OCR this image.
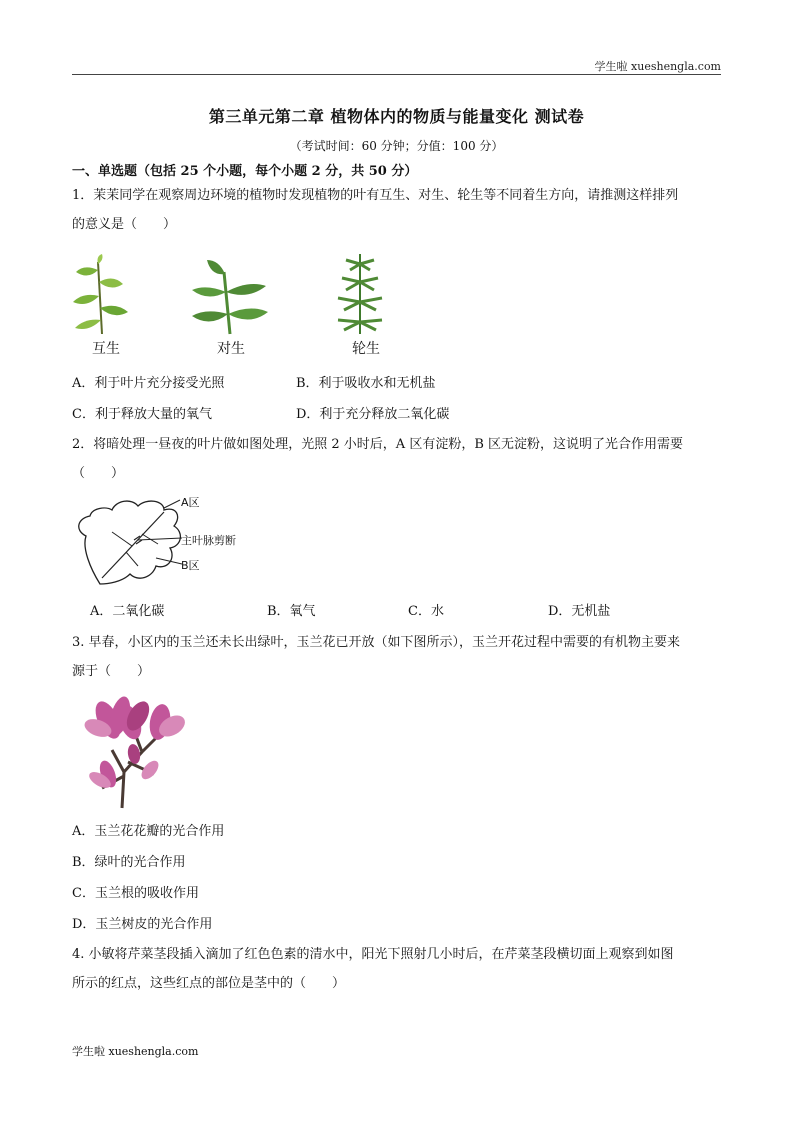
学生啦 xueshengla.com
第三单元第二章 植物体内的物质与能量变化 测试卷
（考试时间：60 分钟；分值：100 分）
一、单选题（包括 25 个小题，每个小题 2 分，共 50 分）
1．茉茉同学在观察周边环境的植物时发现植物的叶有互生、对生、轮生等不同着生方向，请推测这样排列
的意义是（　　）
互生	对生	轮生
A．利于叶片充分接受光照	B．利于吸收水和无机盐
C．利于释放大量的氧气	D．利于充分释放二氧化碳
2．将暗处理一昼夜的叶片做如图处理，光照 2 小时后，A 区有淀粉，B 区无淀粉，这说明了光合作用需要
（　　）
A区
主叶脉剪断
B区
A．二氧化碳	B．氧气	C．水	D．无机盐
3. 早春，小区内的玉兰还未长出绿叶，玉兰花已开放（如下图所示），玉兰开花过程中需要的有机物主要来
源于（　　）
A．玉兰花花瓣的光合作用
B．绿叶的光合作用
C．玉兰根的吸收作用
D．玉兰树皮的光合作用
4. 小敏将芹菜茎段插入滴加了红色色素的清水中，阳光下照射几小时后，在芹菜茎段横切面上观察到如图
所示的红点，这些红点的部位是茎中的（　　）
学生啦 xueshengla.com
